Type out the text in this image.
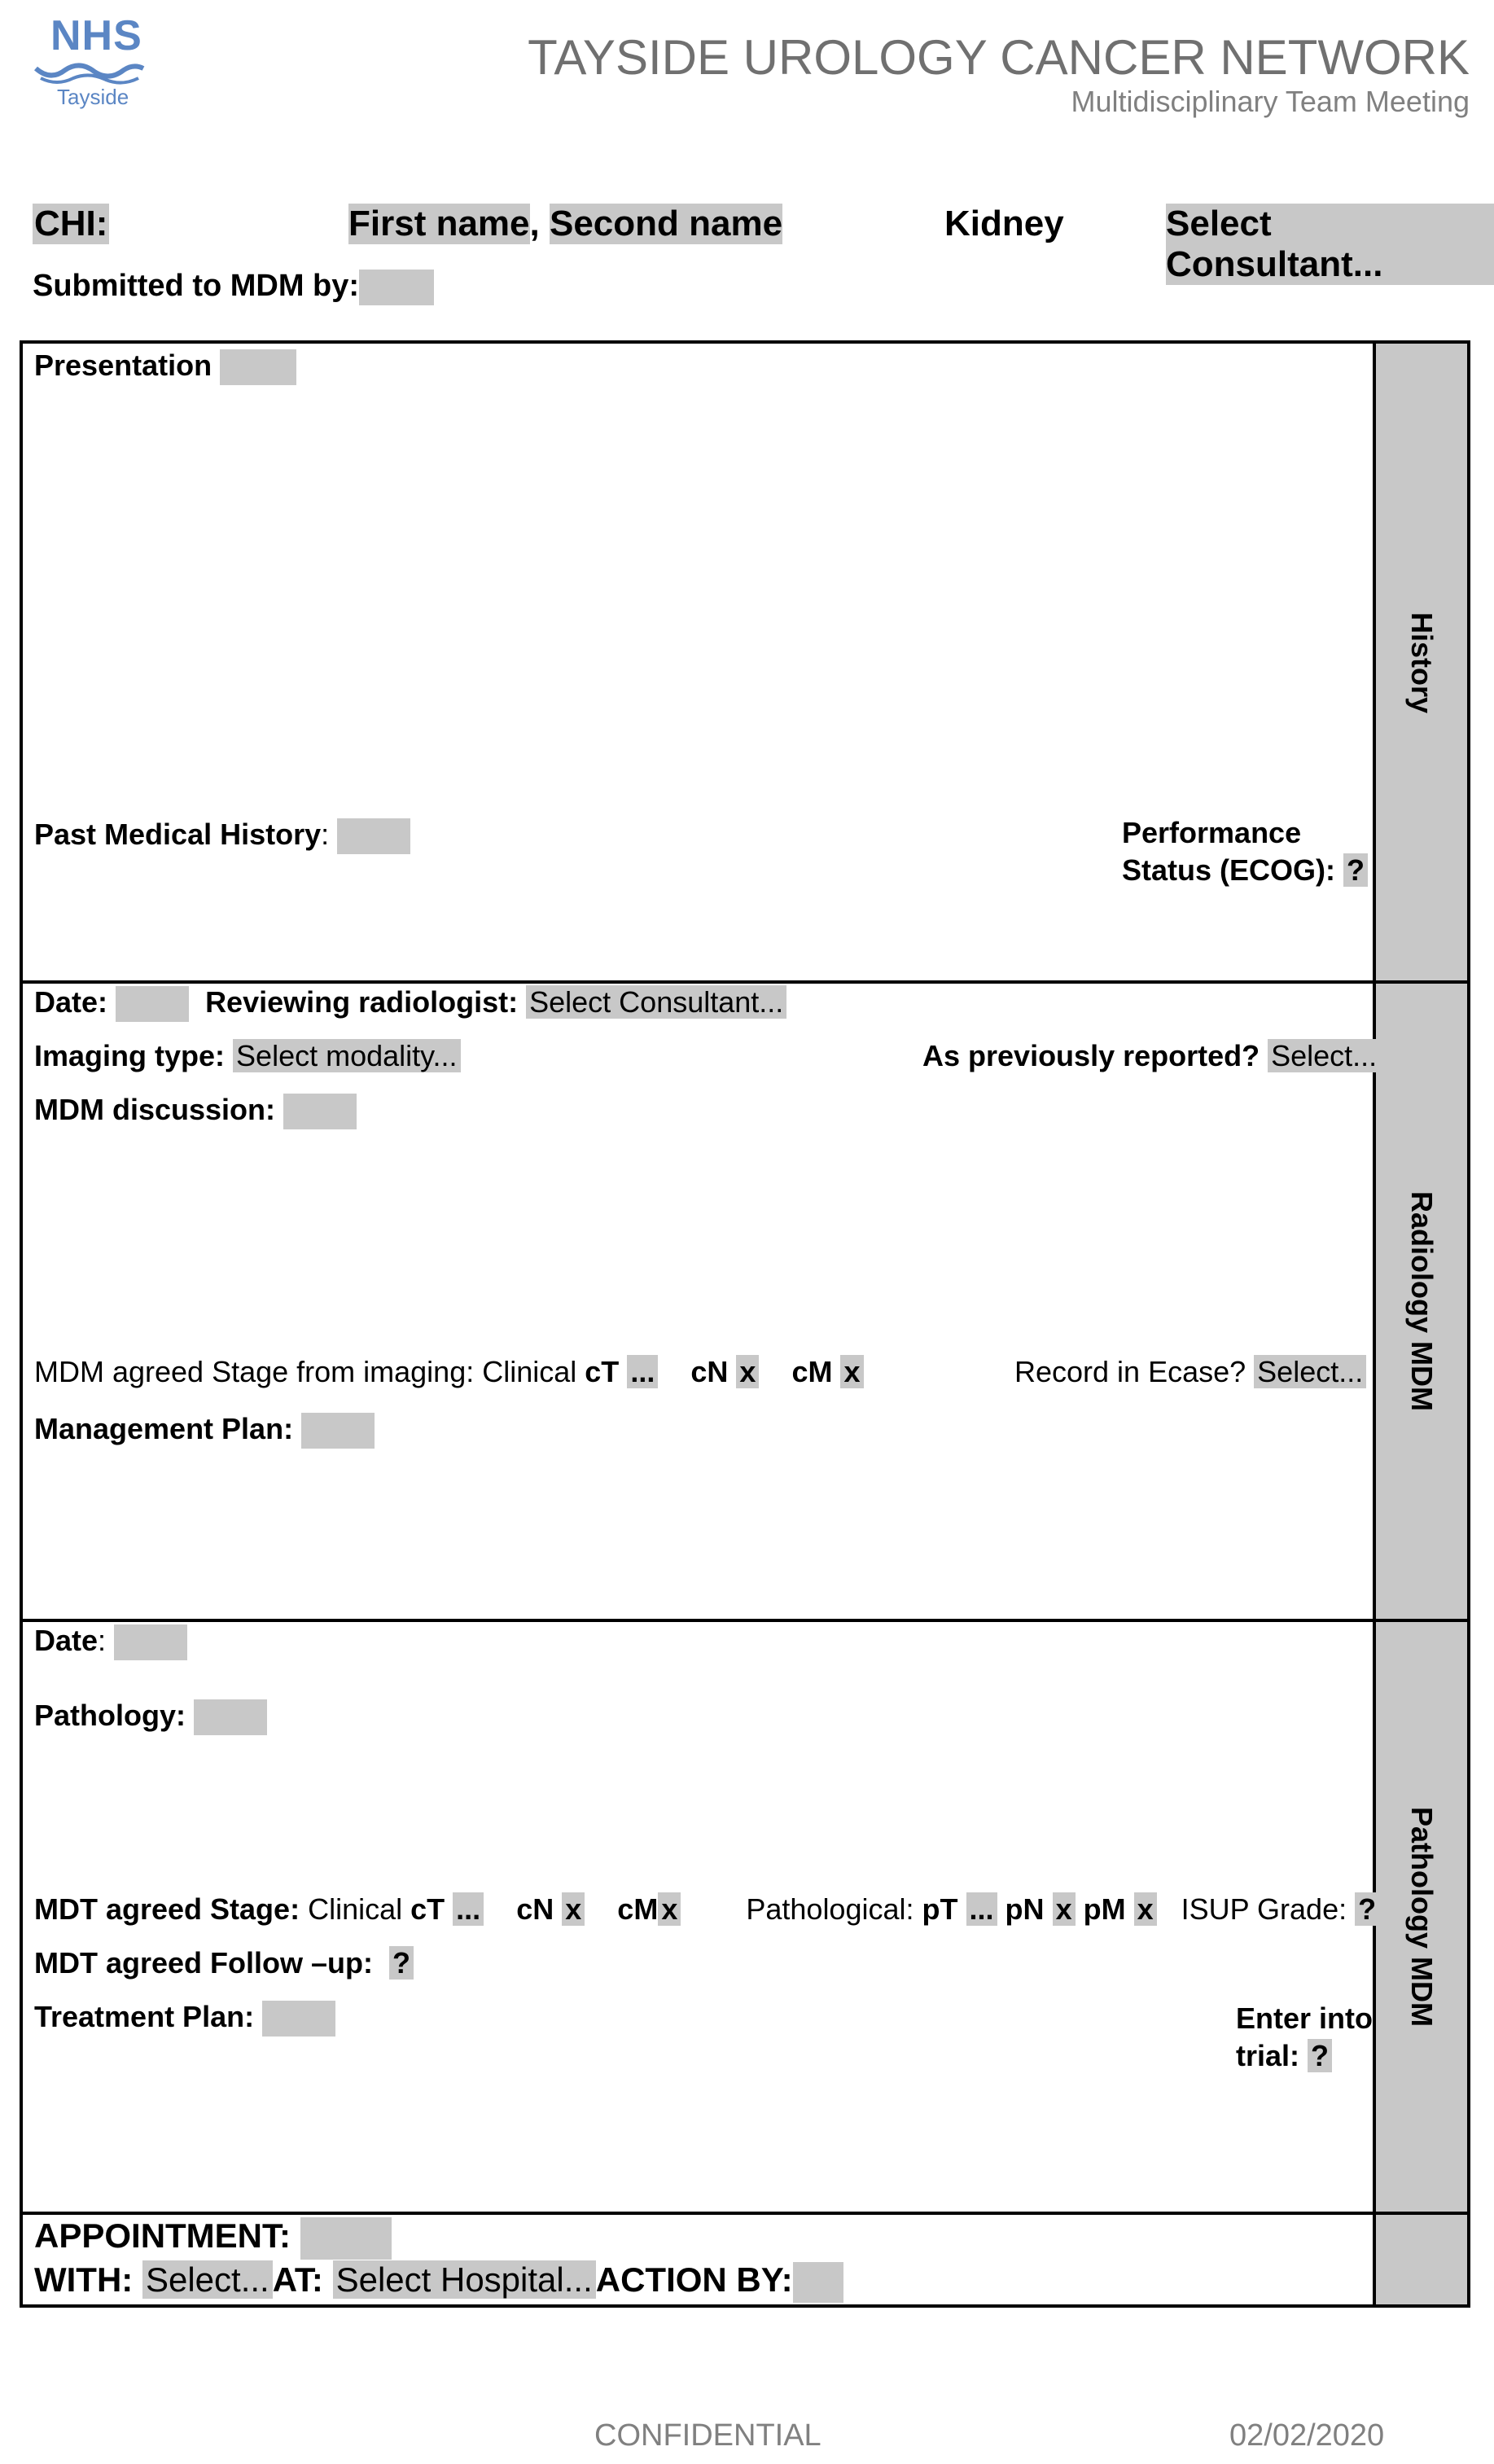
NHS
Tayside
TAYSIDE UROLOGY CANCER NETWORK
Multidisciplinary Team Meeting
CHI:	First name, Second name	Kidney	Select Consultant...
Submitted to MDM by:
History
Radiology MDM
Pathology MDM
Presentation
Past Medical History:	Performance
Status (ECOG): ?
Date:	Reviewing radiologist: Select Consultant...
Imaging type: Select modality...	As previously reported? Select...
MDM discussion:
MDM agreed Stage from imaging: Clinical cT ... cN x cM x	Record in Ecase? Select...
Management Plan:
Date:
Pathology:
MDT agreed Stage: Clinical cT ... cN x cM x Pathological: pT ... pN x pM x ISUP Grade: ?
MDT agreed Follow –up: ?
Treatment Plan:	Enter into
trial: ?
APPOINTMENT:
WITH: Select...AT: Select Hospital...ACTION BY:
CONFIDENTIAL	02/02/2020
